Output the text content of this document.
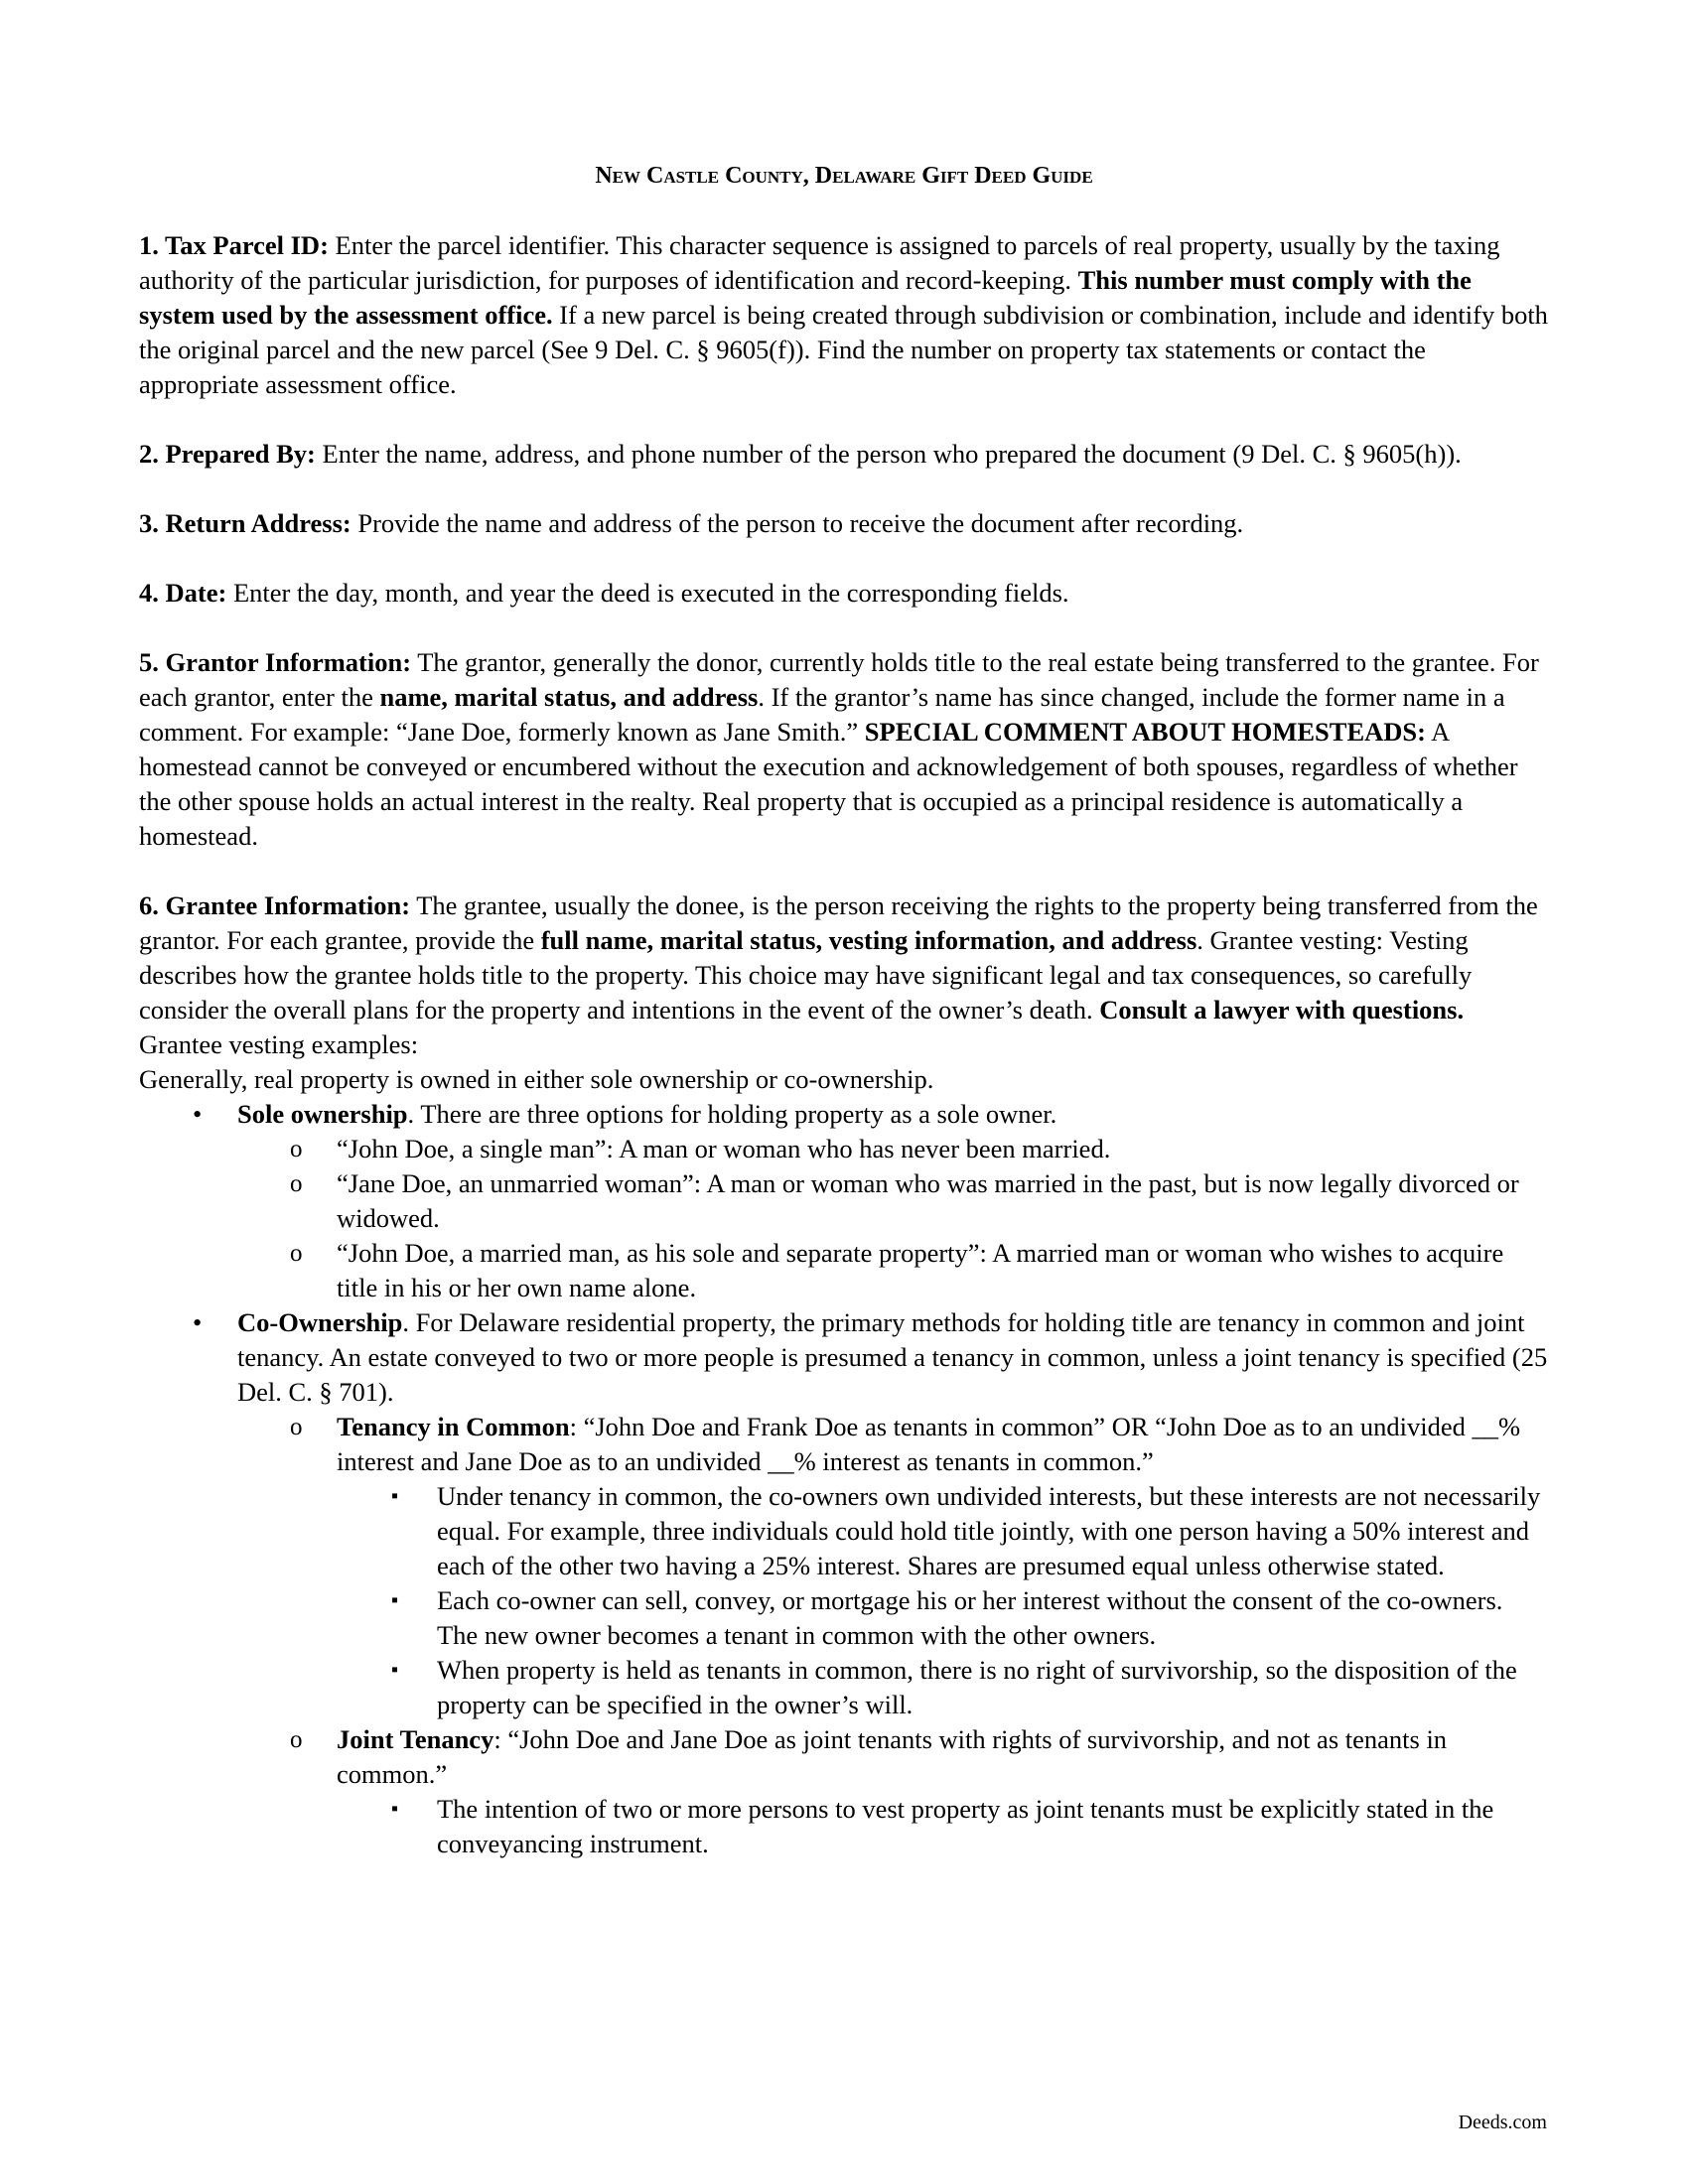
New Castle County, Delaware Gift Deed Guide

1. Tax Parcel ID: Enter the parcel identifier. This character sequence is assigned to parcels of real property, usually by the taxing authority of the particular jurisdiction, for purposes of identification and record-keeping. This number must comply with the system used by the assessment office. If a new parcel is being created through subdivision or combination, include and identify both the original parcel and the new parcel (See 9 Del. C. § 9605(f)). Find the number on property tax statements or contact the appropriate assessment office.

2. Prepared By: Enter the name, address, and phone number of the person who prepared the document (9 Del. C. § 9605(h)).

3. Return Address: Provide the name and address of the person to receive the document after recording.

4. Date: Enter the day, month, and year the deed is executed in the corresponding fields.

5. Grantor Information: The grantor, generally the donor, currently holds title to the real estate being transferred to the grantee. For each grantor, enter the name, marital status, and address. If the grantor’s name has since changed, include the former name in a comment. For example: “Jane Doe, formerly known as Jane Smith.” SPECIAL COMMENT ABOUT HOMESTEADS: A homestead cannot be conveyed or encumbered without the execution and acknowledgement of both spouses, regardless of whether the other spouse holds an actual interest in the realty. Real property that is occupied as a principal residence is automatically a homestead.

6. Grantee Information: The grantee, usually the donee, is the person receiving the rights to the property being transferred from the grantor. For each grantee, provide the full name, marital status, vesting information, and address. Grantee vesting: Vesting describes how the grantee holds title to the property. This choice may have significant legal and tax consequences, so carefully consider the overall plans for the property and intentions in the event of the owner’s death. Consult a lawyer with questions.

Grantee vesting examples:

Generally, real property is owned in either sole ownership or co-ownership.

• Sole ownership. There are three options for holding property as a sole owner.
o “John Doe, a single man”: A man or woman who has never been married.
o “Jane Doe, an unmarried woman”: A man or woman who was married in the past, but is now legally divorced or widowed.
o “John Doe, a married man, as his sole and separate property”: A married man or woman who wishes to acquire title in his or her own name alone.
• Co-Ownership. For Delaware residential property, the primary methods for holding title are tenancy in common and joint tenancy. An estate conveyed to two or more people is presumed a tenancy in common, unless a joint tenancy is specified (25 Del. C. § 701).
o Tenancy in Common: “John Doe and Frank Doe as tenants in common” OR “John Doe as to an undivided __% interest and Jane Doe as to an undivided __% interest as tenants in common.”
▪ Under tenancy in common, the co-owners own undivided interests, but these interests are not necessarily equal. For example, three individuals could hold title jointly, with one person having a 50% interest and each of the other two having a 25% interest. Shares are presumed equal unless otherwise stated.
▪ Each co-owner can sell, convey, or mortgage his or her interest without the consent of the co-owners. The new owner becomes a tenant in common with the other owners.
▪ When property is held as tenants in common, there is no right of survivorship, so the disposition of the property can be specified in the owner’s will.
o Joint Tenancy: “John Doe and Jane Doe as joint tenants with rights of survivorship, and not as tenants in common.”
▪ The intention of two or more persons to vest property as joint tenants must be explicitly stated in the conveyancing instrument.
Deeds.com
